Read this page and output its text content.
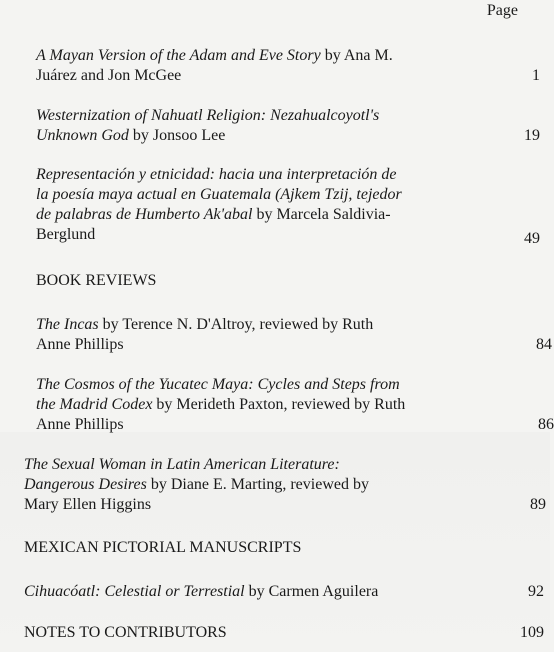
Page
A Mayan Version of the Adam and Eve Story by Ana M.
Juárez and Jon McGee	1
Westernization of Nahuatl Religion: Nezahualcoyotl's
Unknown God by Jonsoo Lee	19
Representación y etnicidad: hacia una interpretación de
la poesía maya actual en Guatemala (Ajkem Tzij, tejedor
de palabras de Humberto Ak'abal by Marcela Saldivia-
Berglund	49
BOOK REVIEWS
The Incas by Terence N. D'Altroy, reviewed by Ruth
Anne Phillips	84
The Cosmos of the Yucatec Maya: Cycles and Steps from
the Madrid Codex by Merideth Paxton, reviewed by Ruth
Anne Phillips	86
The Sexual Woman in Latin American Literature:
Dangerous Desires by Diane E. Marting, reviewed by
Mary Ellen Higgins	89
MEXICAN PICTORIAL MANUSCRIPTS
Cihuacóatl: Celestial or Terrestial by Carmen Aguilera	92
NOTES TO CONTRIBUTORS	109
